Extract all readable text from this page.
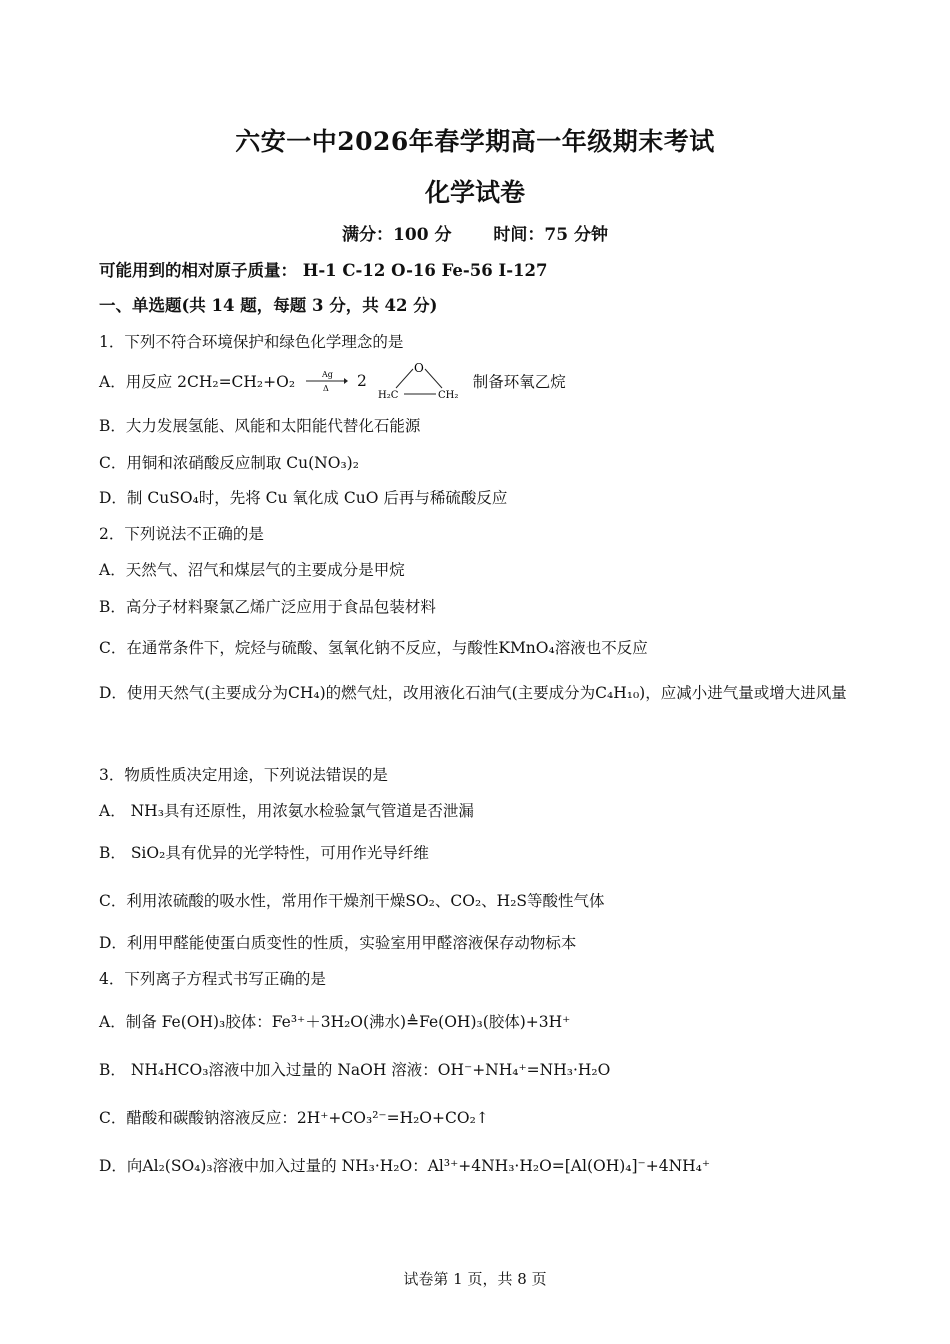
六安一中2026年春学期高一年级期末考试
化学试卷
满分：100 分 时间：75 分钟
可能用到的相对原子质量： H-1 C-12 O-16 Fe-56 I-127
一、单选题(共 14 题，每题 3 分，共 42 分)
1．下列不符合环境保护和绿色化学理念的是
A．用反应 2CH₂=CH₂+O₂	Ag
Δ 2
O
H₂C	CH₂
制备环氧乙烷
B．大力发展氢能、风能和太阳能代替化石能源
C．用铜和浓硝酸反应制取 Cu(NO₃)₂
D．制 CuSO₄时，先将 Cu 氧化成 CuO 后再与稀硫酸反应
2．下列说法不正确的是
A．天然气、沼气和煤层气的主要成分是甲烷
B．高分子材料聚氯乙烯广泛应用于食品包装材料
C．在通常条件下，烷烃与硫酸、氢氧化钠不反应，与酸性KMnO₄溶液也不反应
D．使用天然气(主要成分为CH₄)的燃气灶，改用液化石油气(主要成分为C₄H₁₀)，应减小进气量或增大进风量
3．物质性质决定用途，下列说法错误的是
A． NH₃具有还原性，用浓氨水检验氯气管道是否泄漏
B． SiO₂具有优异的光学特性，可用作光导纤维
C．利用浓硫酸的吸水性，常用作干燥剂干燥SO₂、CO₂、H₂S等酸性气体
D．利用甲醛能使蛋白质变性的性质，实验室用甲醛溶液保存动物标本
4．下列离子方程式书写正确的是
A．制备 Fe(OH)₃胶体：Fe³⁺＋3H₂O(沸水)≜Fe(OH)₃(胶体)+3H⁺
B． NH₄HCO₃溶液中加入过量的 NaOH 溶液：OH⁻+NH₄⁺=NH₃·H₂O
C．醋酸和碳酸钠溶液反应：2H⁺+CO₃²⁻=H₂O+CO₂↑
D．向Al₂(SO₄)₃溶液中加入过量的 NH₃·H₂O：Al³⁺+4NH₃·H₂O=[Al(OH)₄]⁻+4NH₄⁺
试卷第 1 页，共 8 页
